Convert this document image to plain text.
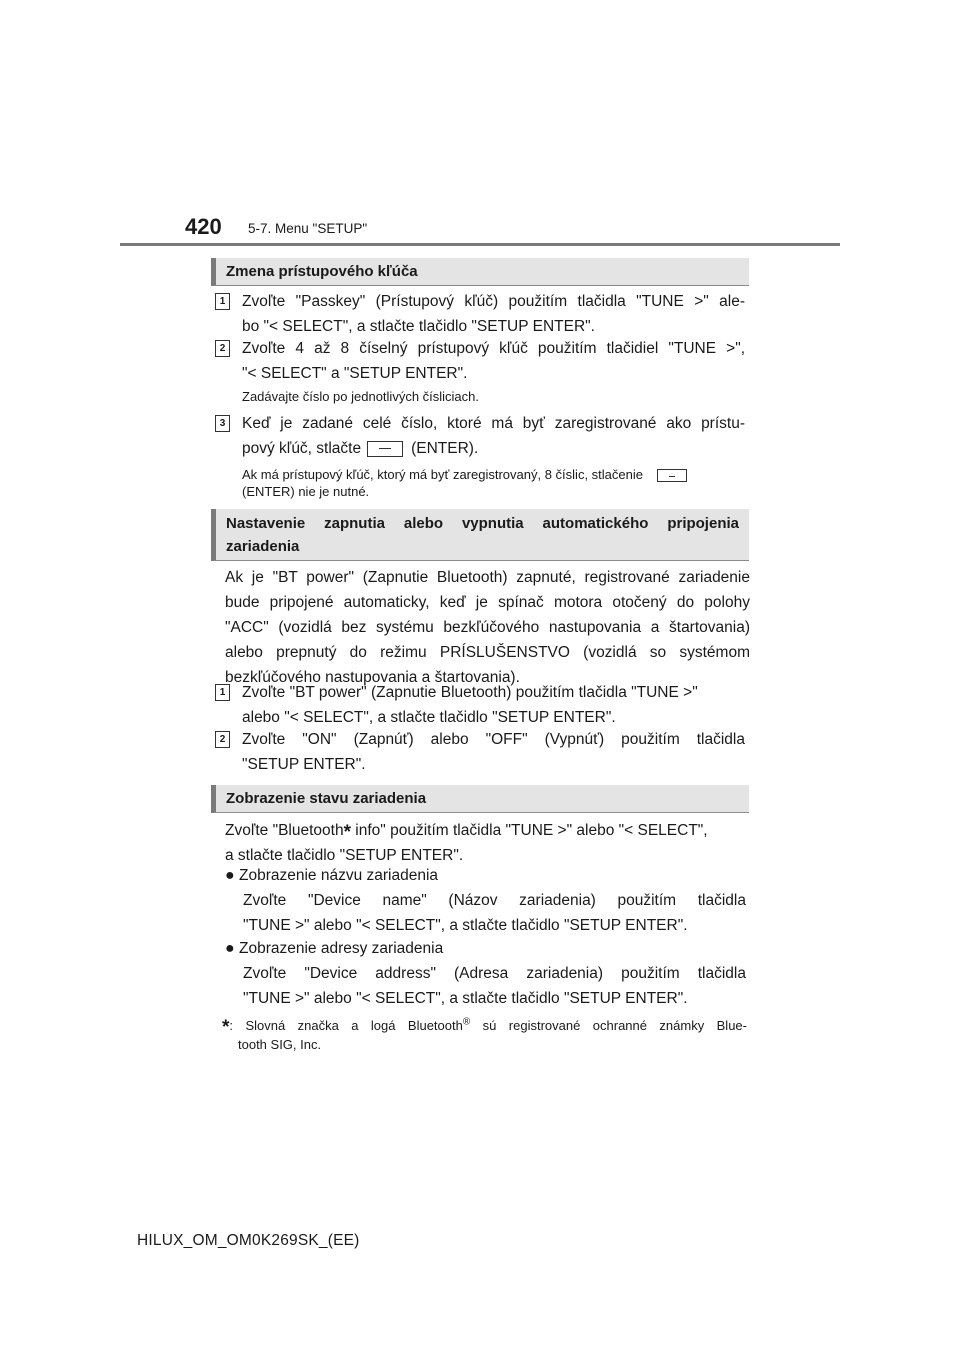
420 5-7. Menu "SETUP"
Zmena prístupového kľúča
1	Zvoľte "Passkey" (Prístupový kľúč) použitím tlačidla "TUNE >" ale-
bo "< SELECT", a stlačte tlačidlo "SETUP ENTER".
2	Zvoľte 4 až 8 číselný prístupový kľúč použitím tlačidiel "TUNE >",
"< SELECT" a "SETUP ENTER".
Zadávajte číslo po jednotlivých čísliciach.
3	Keď je zadané celé číslo, ktoré má byť zaregistrované ako prístu-
pový kľúč, stlačte	(ENTER).
Ak má prístupový kľúč, ktorý má byť zaregistrovaný, 8 číslic, stlačenie
(ENTER) nie je nutné.
Nastavenie zapnutia alebo vypnutia automatického pripojenia
zariadenia
Ak je "BT power" (Zapnutie Bluetooth) zapnuté, registrované zariadenie
bude pripojené automaticky, keď je spínač motora otočený do polohy
"ACC" (vozidlá bez systému bezkľúčového nastupovania a štartovania)
alebo prepnutý do režimu PRÍSLUŠENSTVO (vozidlá so systémom
bezkľúčového nastupovania a štartovania).
1	Zvoľte "BT power" (Zapnutie Bluetooth) použitím tlačidla "TUNE >"
alebo "< SELECT", a stlačte tlačidlo "SETUP ENTER".
2	Zvoľte "ON" (Zapnúť) alebo "OFF" (Vypnúť) použitím tlačidla
"SETUP ENTER".
Zobrazenie stavu zariadenia
Zvoľte "Bluetooth* info" použitím tlačidla "TUNE >" alebo "< SELECT",
a stlačte tlačidlo "SETUP ENTER".
● Zobrazenie názvu zariadenia
Zvoľte "Device name" (Názov zariadenia) použitím tlačidla
"TUNE >" alebo "< SELECT", a stlačte tlačidlo "SETUP ENTER".
● Zobrazenie adresy zariadenia
Zvoľte "Device address" (Adresa zariadenia) použitím tlačidla
"TUNE >" alebo "< SELECT", a stlačte tlačidlo "SETUP ENTER".
*: Slovná značka a logá Bluetooth® sú registrované ochranné známky Blue-
tooth SIG, Inc.
HILUX_OM_OM0K269SK_(EE)
